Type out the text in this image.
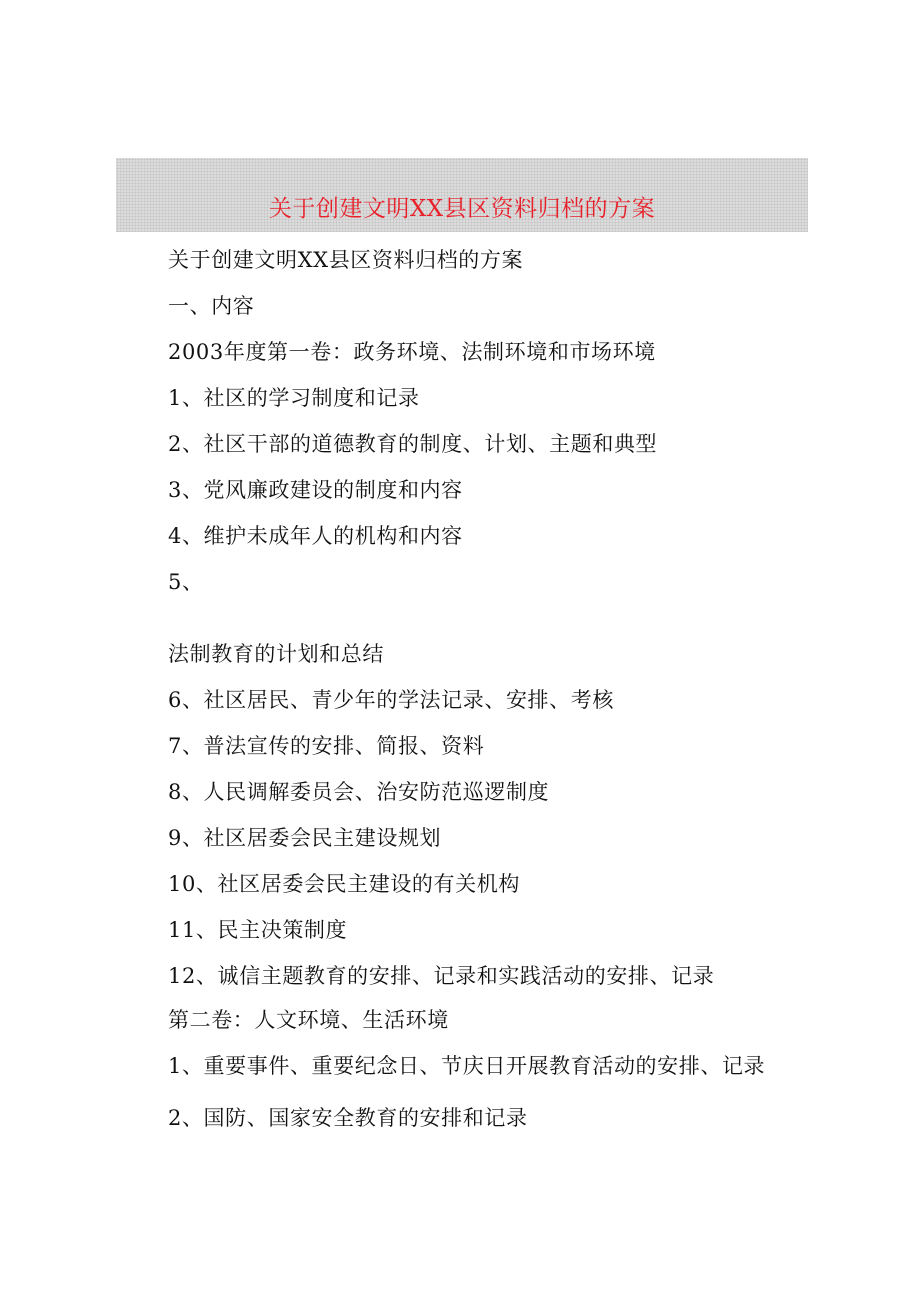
关于创建文明XX县区资料归档的方案
关于创建文明XX县区资料归档的方案
一、内容
2003年度第一卷：政务环境、法制环境和市场环境
1、社区的学习制度和记录
2、社区干部的道德教育的制度、计划、主题和典型
3、党风廉政建设的制度和内容
4、维护未成年人的机构和内容
5、
法制教育的计划和总结
6、社区居民、青少年的学法记录、安排、考核
7、普法宣传的安排、简报、资料
8、人民调解委员会、治安防范巡逻制度
9、社区居委会民主建设规划
10、社区居委会民主建设的有关机构
11、民主决策制度
12、诚信主题教育的安排、记录和实践活动的安排、记录
第二卷：人文环境、生活环境
1、重要事件、重要纪念日、节庆日开展教育活动的安排、记录
2、国防、国家安全教育的安排和记录
